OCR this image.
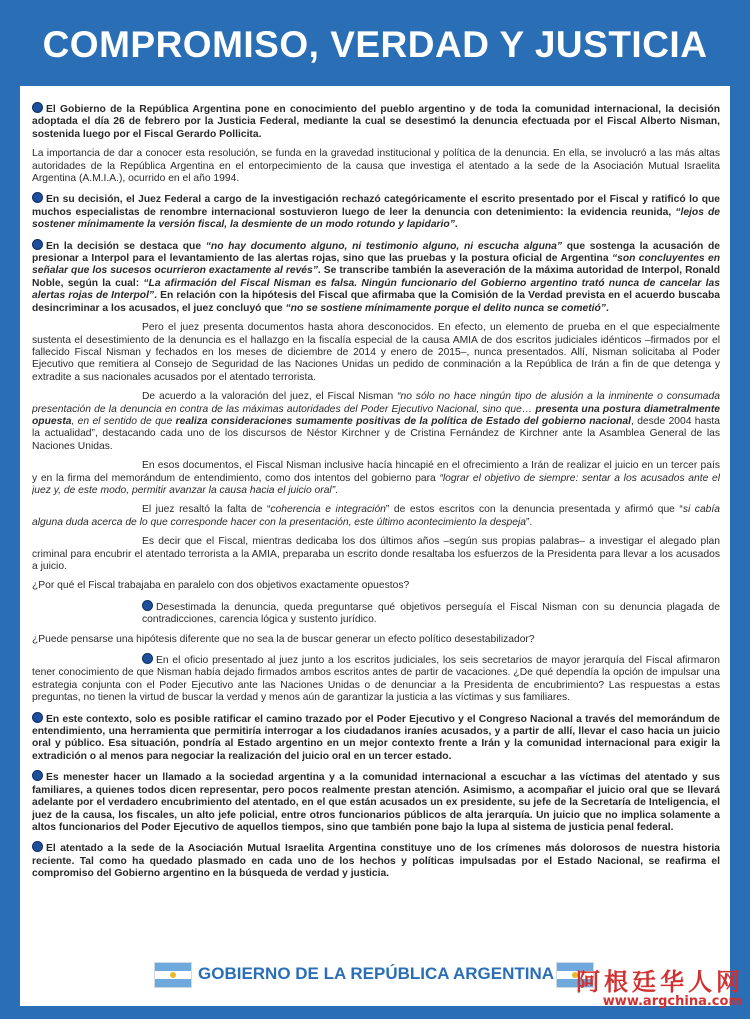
COMPROMISO, VERDAD Y JUSTICIA

El Gobierno de la República Argentina pone en conocimiento del pueblo argentino y de toda la comunidad internacional, la decisión adoptada el día 26 de febrero por la Justicia Federal, mediante la cual se desestimó la denuncia efectuada por el Fiscal Alberto Nisman, sostenida luego por el Fiscal Gerardo Pollicita.

La importancia de dar a conocer esta resolución, se funda en la gravedad institucional y política de la denuncia. En ella, se involucró a las más altas autoridades de la República Argentina en el entorpecimiento de la causa que investiga el atentado a la sede de la Asociación Mutual Israelita Argentina (A.M.I.A.), ocurrido en el año 1994.

En su decisión, el Juez Federal a cargo de la investigación rechazó categóricamente el escrito presentado por el Fiscal y ratificó lo que muchos especialistas de renombre internacional sostuvieron luego de leer la denuncia con detenimiento: la evidencia reunida, “lejos de sostener mínimamente la versión fiscal, la desmiente de un modo rotundo y lapidario”.

En la decisión se destaca que “no hay documento alguno, ni testimonio alguno, ni escucha alguna” que sostenga la acusación de presionar a Interpol para el levantamiento de las alertas rojas, sino que las pruebas y la postura oficial de Argentina “son concluyentes en señalar que los sucesos ocurrieron exactamente al revés”. Se transcribe también la aseveración de la máxima autoridad de Interpol, Ronald Noble, según la cual: “La afirmación del Fiscal Nisman es falsa. Ningún funcionario del Gobierno argentino trató nunca de cancelar las alertas rojas de Interpol”. En relación con la hipótesis del Fiscal que afirmaba que la Comisión de la Verdad prevista en el acuerdo buscaba desincriminar a los acusados, el juez concluyó que “no se sostiene mínimamente porque el delito nunca se cometió”.

Pero el juez presenta documentos hasta ahora desconocidos. En efecto, un elemento de prueba en el que especialmente sustenta el desestimiento de la denuncia es el hallazgo en la fiscalía especial de la causa AMIA de dos escritos judiciales idénticos –firmados por el fallecido Fiscal Nisman y fechados en los meses de diciembre de 2014 y enero de 2015–, nunca presentados. Allí, Nisman solicitaba al Poder Ejecutivo que remitiera al Consejo de Seguridad de las Naciones Unidas un pedido de conminación a la República de Irán a fin de que detenga y extradite a sus nacionales acusados por el atentado terrorista.

De acuerdo a la valoración del juez, el Fiscal Nisman “no sólo no hace ningún tipo de alusión a la inminente o consumada presentación de la denuncia en contra de las máximas autoridades del Poder Ejecutivo Nacional, sino que… presenta una postura diametralmente opuesta, en el sentido de que realiza consideraciones sumamente positivas de la política de Estado del gobierno nacional, desde 2004 hasta la actualidad”, destacando cada uno de los discursos de Néstor Kirchner y de Cristina Fernández de Kirchner ante la Asamblea General de las Naciones Unidas.

En esos documentos, el Fiscal Nisman inclusive hacía hincapié en el ofrecimiento a Irán de realizar el juicio en un tercer país y en la firma del memorándum de entendimiento, como dos intentos del gobierno para “lograr el objetivo de siempre: sentar a los acusados ante el juez y, de este modo, permitir avanzar la causa hacia el juicio oral”.

El juez resaltó la falta de “coherencia e integración” de estos escritos con la denuncia presentada y afirmó que “si cabía alguna duda acerca de lo que corresponde hacer con la presentación, este último acontecimiento la despeja”.

Es decir que el Fiscal, mientras dedicaba los dos últimos años –según sus propias palabras– a investigar el alegado plan criminal para encubrir el atentado terrorista a la AMIA, preparaba un escrito donde resaltaba los esfuerzos de la Presidenta para llevar a los acusados a juicio.

¿Por qué el Fiscal trabajaba en paralelo con dos objetivos exactamente opuestos?

Desestimada la denuncia, queda preguntarse qué objetivos perseguía el Fiscal Nisman con su denuncia plagada de contradicciones, carencia lógica y sustento jurídico.

¿Puede pensarse una hipótesis diferente que no sea la de buscar generar un efecto político desestabilizador?

En el oficio presentado al juez junto a los escritos judiciales, los seis secretarios de mayor jerarquía del Fiscal afirmaron tener conocimiento de que Nisman había dejado firmados ambos escritos antes de partir de vacaciones. ¿De qué dependía la opción de impulsar una estrategia conjunta con el Poder Ejecutivo ante las Naciones Unidas o de denunciar a la Presidenta de encubrimiento? Las respuestas a estas preguntas, no tienen la virtud de buscar la verdad y menos aún de garantizar la justicia a las víctimas y sus familiares.

En este contexto, solo es posible ratificar el camino trazado por el Poder Ejecutivo y el Congreso Nacional a través del memorándum de entendimiento, una herramienta que permitiría interrogar a los ciudadanos iraníes acusados, y a partir de allí, llevar el caso hacia un juicio oral y público. Esa situación, pondría al Estado argentino en un mejor contexto frente a Irán y la comunidad internacional para exigir la extradición o al menos para negociar la realización del juicio oral en un tercer estado.

Es menester hacer un llamado a la sociedad argentina y a la comunidad internacional a escuchar a las víctimas del atentado y sus familiares, a quienes todos dicen representar, pero pocos realmente prestan atención. Asimismo, a acompañar el juicio oral que se llevará adelante por el verdadero encubrimiento del atentado, en el que están acusados un ex presidente, su jefe de la Secretaría de Inteligencia, el juez de la causa, los fiscales, un alto jefe policial, entre otros funcionarios públicos de alta jerarquía. Un juicio que no implica solamente a altos funcionarios del Poder Ejecutivo de aquellos tiempos, sino que también pone bajo la lupa al sistema de justicia penal federal.

El atentado a la sede de la Asociación Mutual Israelita Argentina constituye uno de los crímenes más dolorosos de nuestra historia reciente. Tal como ha quedado plasmado en cada uno de los hechos y políticas impulsadas por el Estado Nacional, se reafirma el compromiso del Gobierno argentino en la búsqueda de verdad y justicia.

GOBIERNO DE LA REPÚBLICA ARGENTINA 阿根廷华人网
www.argchina.com
